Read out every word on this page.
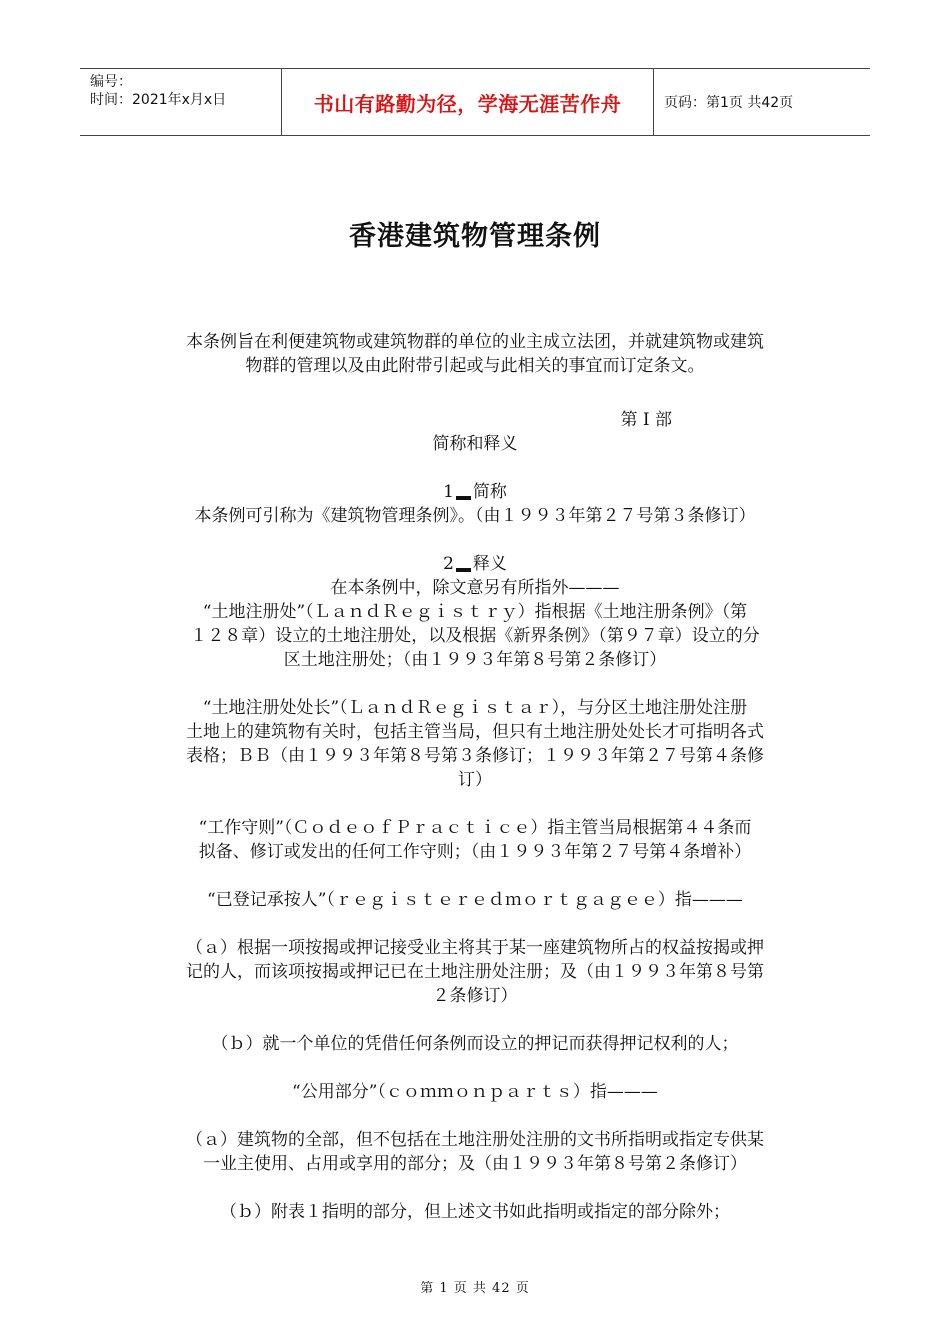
编号：
时间：2021年x月x日	书山有路勤为径，学海无涯苦作舟	页码：第1页 共42页
香港建筑物管理条例

本条例旨在利便建筑物或建筑物群的单位的业主成立法团，并就建筑物或建筑

物群的管理以及由此附带引起或与此相关的事宜而订定条文。

第 I 部

简称和释义

1 简称

本条例可引称为《建筑物管理条例》。（由１９９３年第２７号第３条修订）

2 释义

在本条例中，除文意另有所指外———

“土地注册处”（ＬａｎｄＲｅｇｉｓｔｒｙ）指根据《土地注册条例》（第

１２８章）设立的土地注册处，以及根据《新界条例》（第９７章）设立的分

区土地注册处；（由１９９３年第８号第２条修订）

“土地注册处处长”（ＬａｎｄＲｅｇｉｓｔａｒ），与分区土地注册处注册

土地上的建筑物有关时，包括主管当局，但只有土地注册处处长才可指明各式

表格；ＢＢ（由１９９３年第８号第３条修订；１９９３年第２７号第４条修

订）

“工作守则”（ＣｏｄｅｏｆＰｒａｃｔｉｃｅ）指主管当局根据第４４条而

拟备、修订或发出的任何工作守则；（由１９９３年第２７号第４条增补）

“已登记承按人”（ｒｅｇｉｓｔｅｒｅｄｍｏｒｔｇａｇｅｅ）指———

（ａ）根据一项按揭或押记接受业主将其于某一座建筑物所占的权益按揭或押

记的人，而该项按揭或押记已在土地注册处注册；及（由１９９３年第８号第

２条修订）

（ｂ）就一个单位的凭借任何条例而设立的押记而获得押记权利的人；

“公用部分”（ｃｏｍｍｏｎｐａｒｔｓ）指———

（ａ）建筑物的全部，但不包括在土地注册处注册的文书所指明或指定专供某

一业主使用、占用或享用的部分；及（由１９９３年第８号第２条修订）

（ｂ）附表１指明的部分，但上述文书如此指明或指定的部分除外；

第 1 页 共 42 页
